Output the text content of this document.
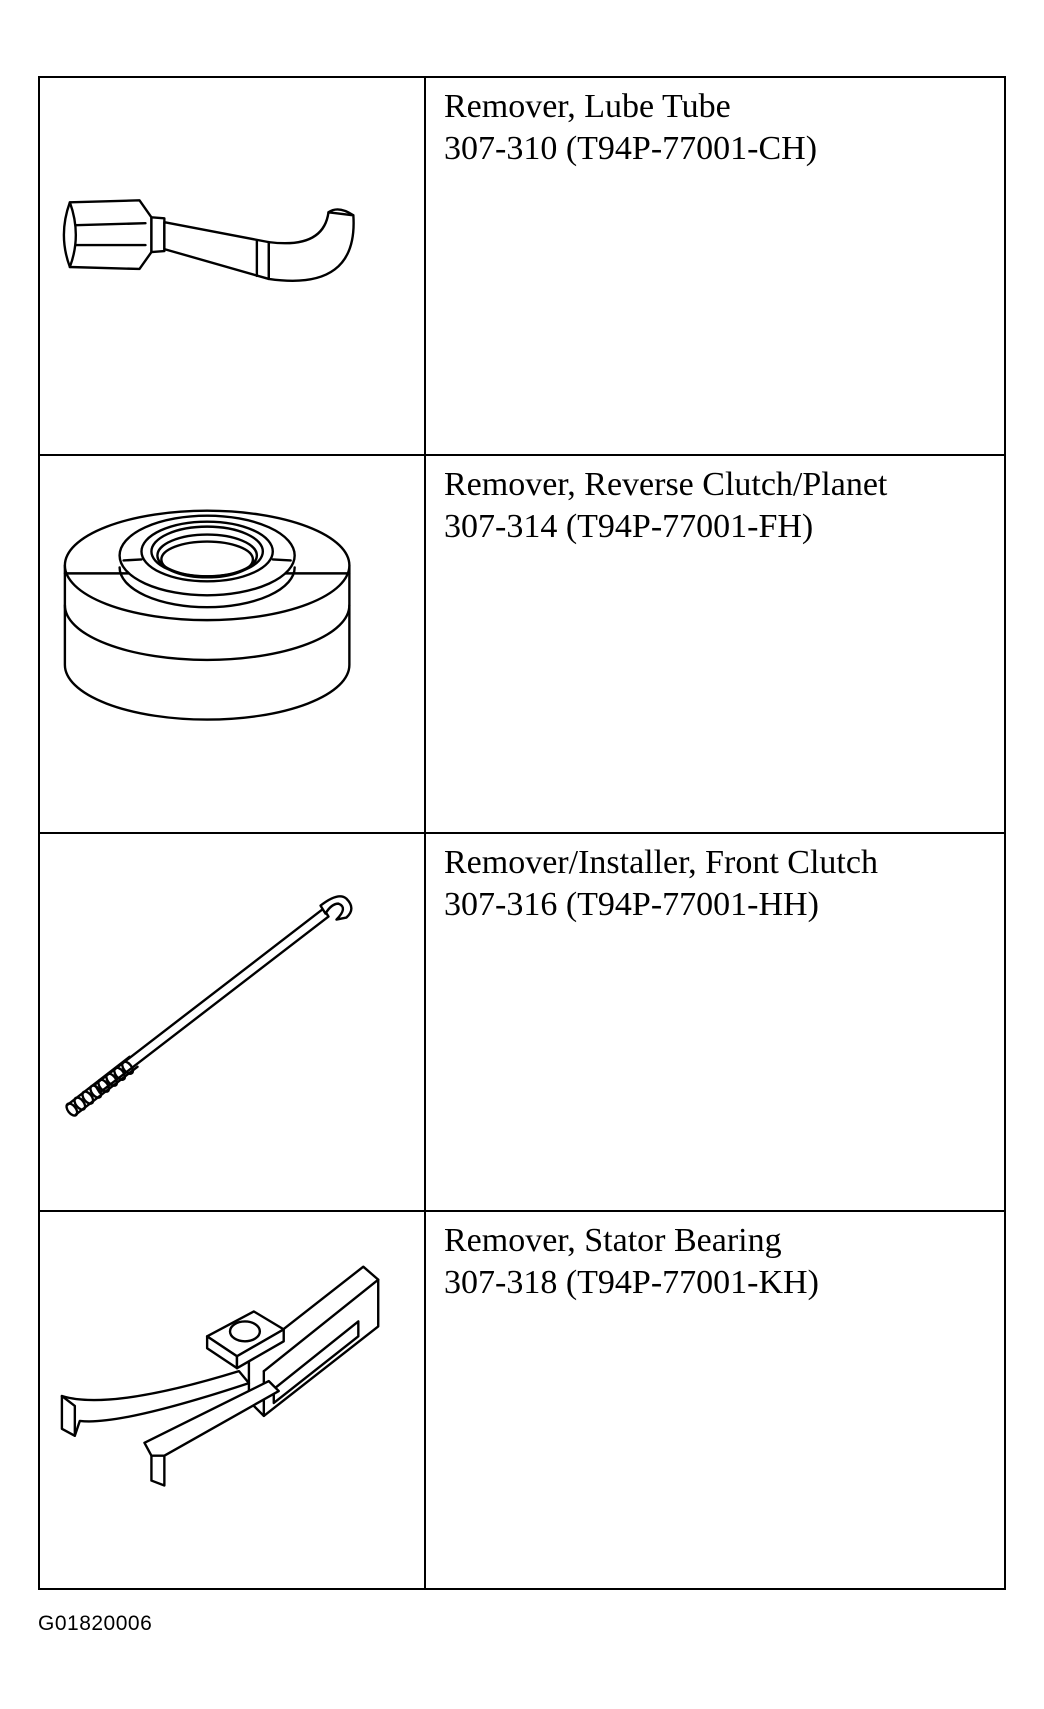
Remover, Lube Tube
307-310 (T94P-77001-CH)
Remover, Reverse Clutch/Planet
307-314 (T94P-77001-FH)
Remover/Installer, Front Clutch
307-316 (T94P-77001-HH)
Remover, Stator Bearing
307-318 (T94P-77001-KH)
G01820006
